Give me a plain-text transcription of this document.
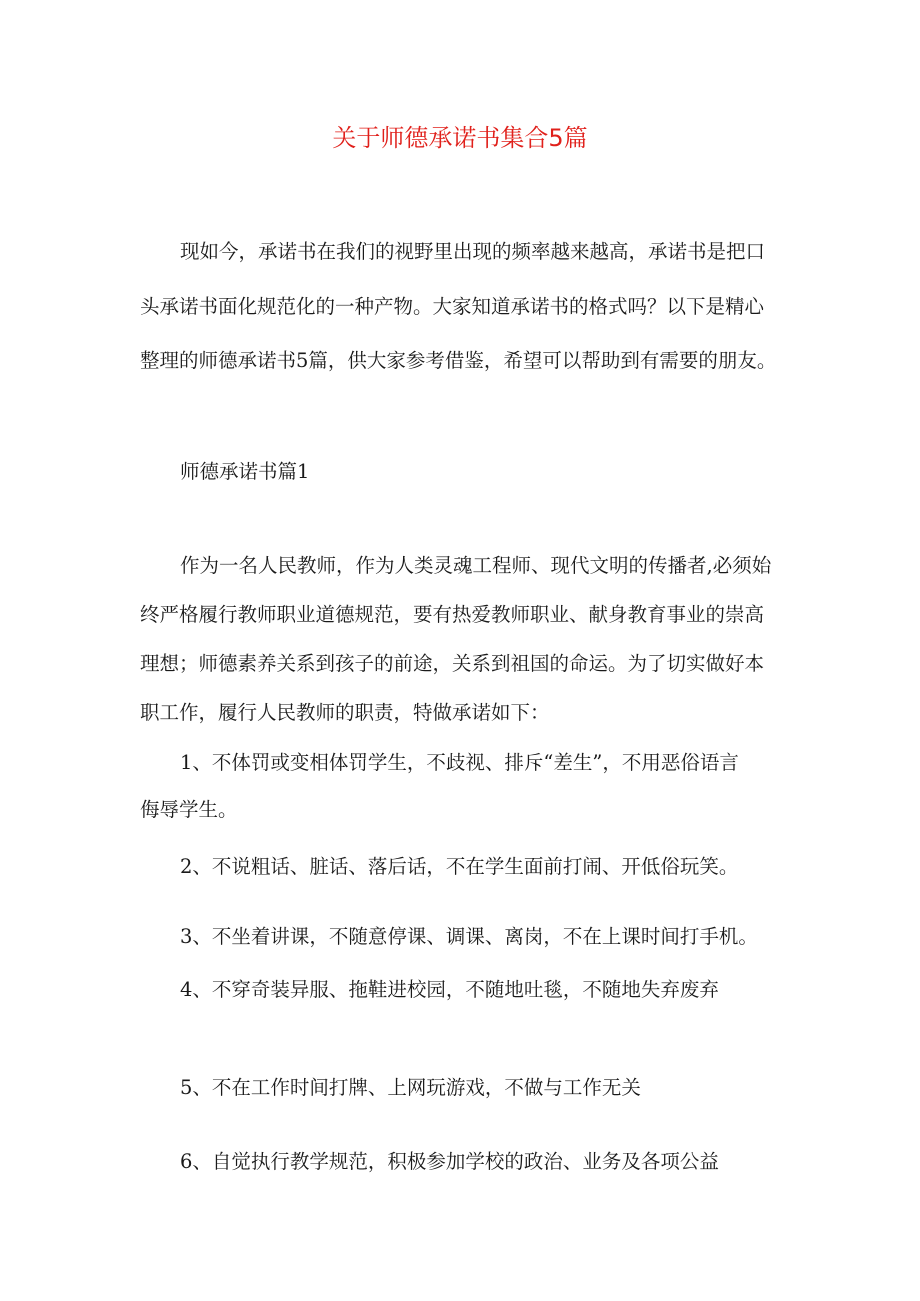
关于师德承诺书集合5篇
现如今，承诺书在我们的视野里出现的频率越来越高，承诺书是把口
头承诺书面化规范化的一种产物。大家知道承诺书的格式吗？以下是精心
整理的师德承诺书5篇，供大家参考借鉴，希望可以帮助到有需要的朋友。
师德承诺书篇1
作为一名人民教师，作为人类灵魂工程师、现代文明的传播者,必须始
终严格履行教师职业道德规范，要有热爱教师职业、献身教育事业的崇高
理想；师德素养关系到孩子的前途，关系到祖国的命运。为了切实做好本
职工作，履行人民教师的职责，特做承诺如下：
1、不体罚或变相体罚学生，不歧视、排斥“差生”，不用恶俗语言
侮辱学生。
2、不说粗话、脏话、落后话，不在学生面前打闹、开低俗玩笑。
3、不坐着讲课，不随意停课、调课、离岗，不在上课时间打手机。
4、不穿奇装异服、拖鞋进校园，不随地吐毯，不随地失弃废弃
5、不在工作时间打牌、上网玩游戏，不做与工作无关
6、自觉执行教学规范，积极参加学校的政治、业务及各项公益
